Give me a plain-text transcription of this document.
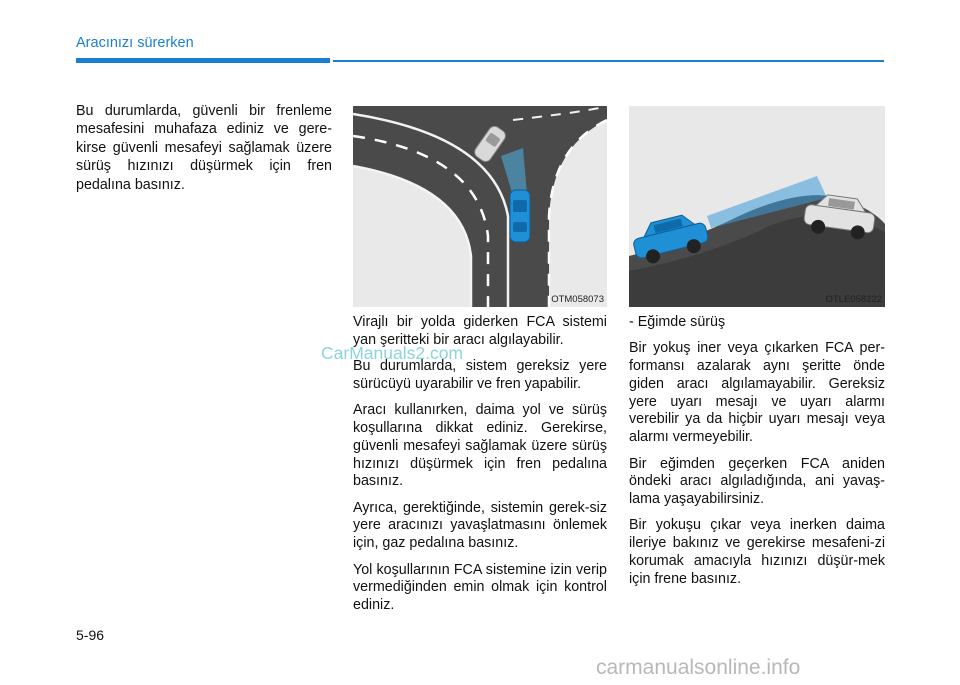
Aracınızı sürerken

Bu durumlarda, güvenli bir frenleme mesafesini muhafaza ediniz ve gere-kirse güvenli mesafeyi sağlamak üzere sürüş hızınızı düşürmek için fren pedalına basınız.

OTM058073	OTLE058222

Virajlı bir yolda giderken FCA sistemi yan şeritteki bir aracı algılayabilir.

Bu durumlarda, sistem gereksiz yere sürücüyü uyarabilir ve fren yapabilir.

Aracı kullanırken, daima yol ve sürüş koşullarına dikkat ediniz. Gerekirse, güvenli mesafeyi sağlamak üzere sürüş hızınızı düşürmek için fren pedalına basınız.

Ayrıca, gerektiğinde, sistemin gerek-siz yere aracınızı yavaşlatmasını önlemek için, gaz pedalına basınız.

Yol koşullarının FCA sistemine izin verip vermediğinden emin olmak için kontrol ediniz.

- Eğimde sürüş

Bir yokuş iner veya çıkarken FCA per-formansı azalarak aynı şeritte önde giden aracı algılamayabilir. Gereksiz yere uyarı mesajı ve uyarı alarmı verebilir ya da hiçbir uyarı mesajı veya alarmı vermeyebilir.

Bir eğimden geçerken FCA aniden öndeki aracı algıladığında, ani yavaş-lama yaşayabilirsiniz.

Bir yokuşu çıkar veya inerken daima ileriye bakınız ve gerekirse mesafeni-zi korumak amacıyla hızınızı düşür-mek için frene basınız.

CarManuals2.com
5-96
carmanualsonline.info
